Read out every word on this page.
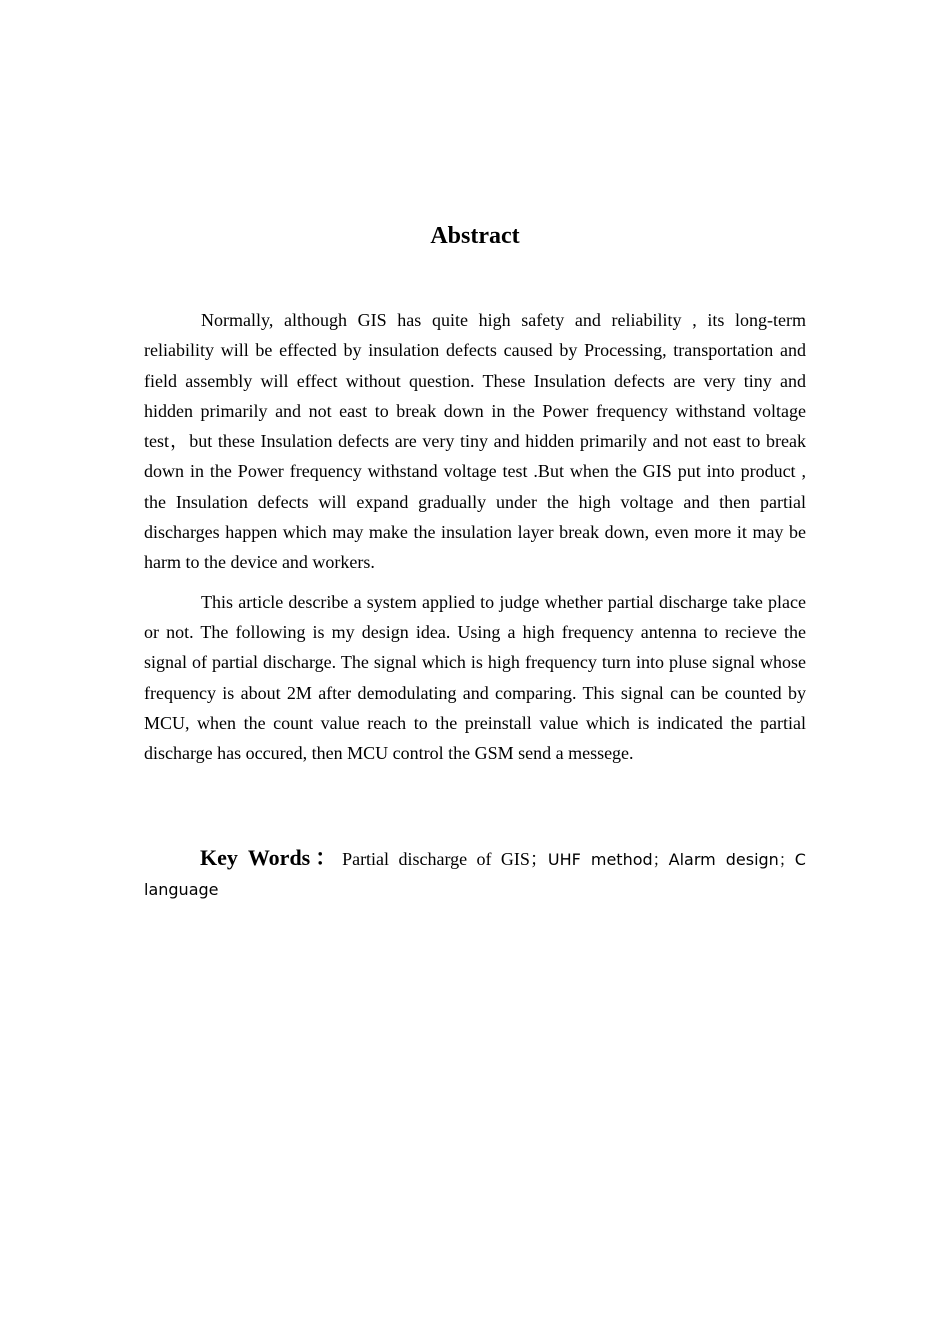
Abstract

Normally, although GIS has quite high safety and reliability , its long-term reliability will be effected by insulation defects caused by Processing, transportation and field assembly will effect without question. These Insulation defects are very tiny and hidden primarily and not east to break down in the Power frequency withstand voltage test，but these Insulation defects are very tiny and hidden primarily and not east to break down in the Power frequency withstand voltage test .But when the GIS put into product , the Insulation defects will expand gradually under the high voltage and then partial discharges happen which may make the insulation layer break down, even more it may be harm to the device and workers.

This article describe a system applied to judge whether partial discharge take place or not. The following is my design idea. Using a high frequency antenna to recieve the signal of partial discharge. The signal which is high frequency turn into pluse signal whose frequency is about 2M after demodulating and comparing. This signal can be counted by MCU, when the count value reach to the preinstall value which is indicated the partial discharge has occured, then MCU control the GSM send a messege.

Key Words：Partial discharge of GIS；UHF method；Alarm design；C language
